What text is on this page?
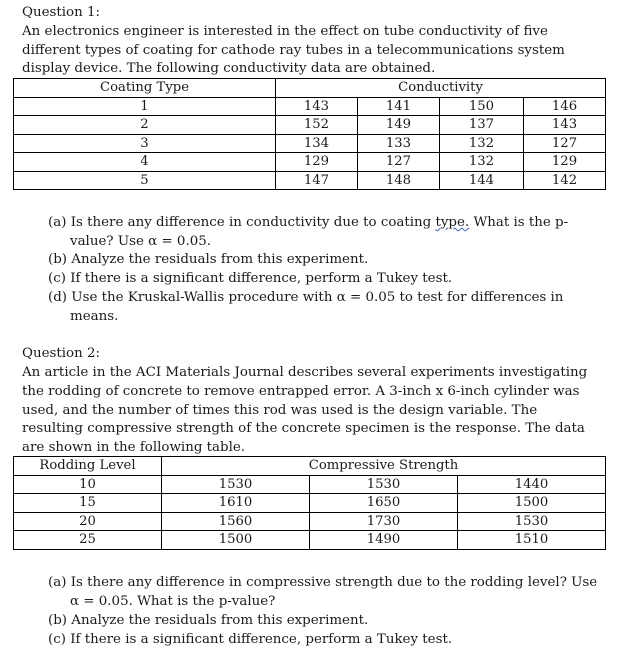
Question 1:
An electronics engineer is interested in the effect on tube conductivity of five
different types of coating for cathode ray tubes in a telecommunications system
display device. The following conductivity data are obtained.
Coating Type	Conductivity			
1	143	141	150	146
2	152	149	137	143
3	134	133	132	127
4	129	127	132	129
5	147	148	144	142
(a) Is there any difference in conductivity due to coating type. What is the p-
value? Use α = 0.05.
(b) Analyze the residuals from this experiment.
(c) If there is a significant difference, perform a Tukey test.
(d) Use the Kruskal-Wallis procedure with α = 0.05 to test for differences in
means.
Question 2:
An article in the ACI Materials Journal describes several experiments investigating
the rodding of concrete to remove entrapped error. A 3-inch x 6-inch cylinder was
used, and the number of times this rod was used is the design variable. The
resulting compressive strength of the concrete specimen is the response. The data
are shown in the following table.
Rodding Level	Compressive Strength		
10	1530	1530	1440
15	1610	1650	1500
20	1560	1730	1530
25	1500	1490	1510
(a) Is there any difference in compressive strength due to the rodding level? Use
α = 0.05. What is the p-value?
(b) Analyze the residuals from this experiment.
(c) If there is a significant difference, perform a Tukey test.
